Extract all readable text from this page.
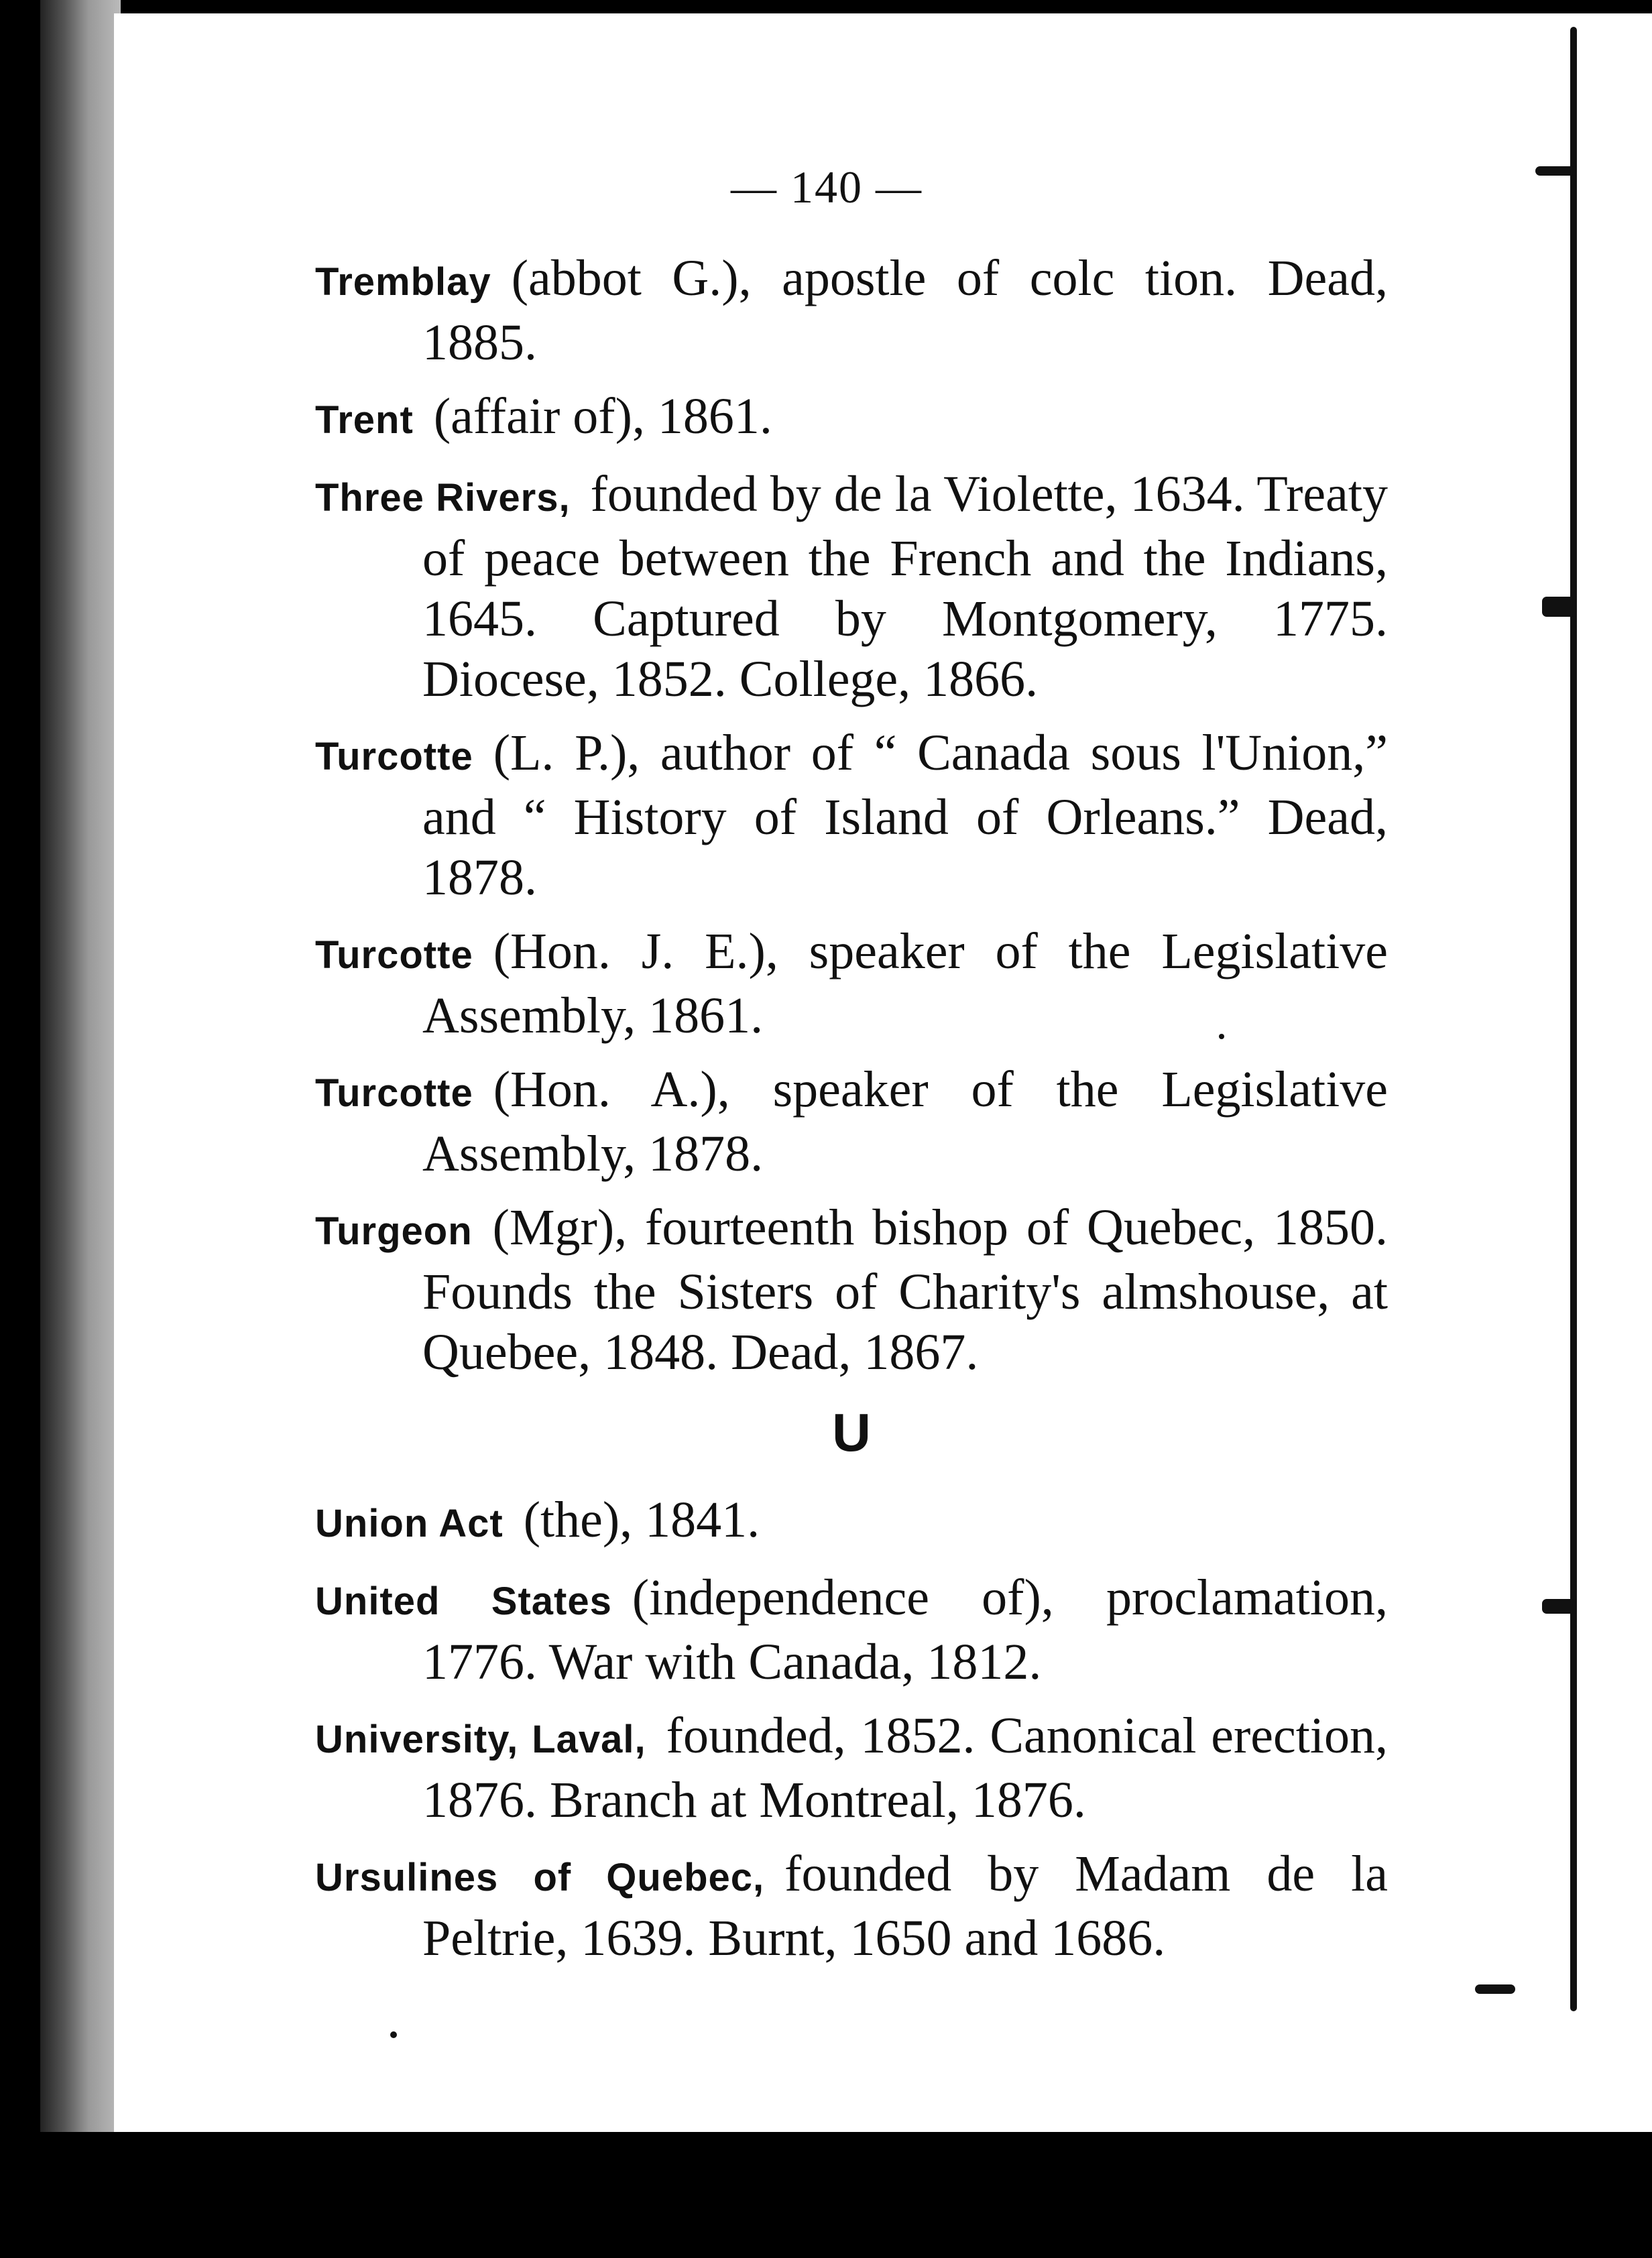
— 140 —
Tremblay (abbot G.), apostle of colc tion. Dead, 1885.
Trent (affair of), 1861.
Three Rivers, founded by de la Violette, 1634. Treaty of peace between the French and the Indians, 1645. Captured by Montgomery, 1775. Diocese, 1852. College, 1866.
Turcotte (L. P.), author of “ Canada sous l'Union,” and “ History of Island of Orleans.” Dead, 1878.
Turcotte (Hon. J. E.), speaker of the Legislative Assembly, 1861.
Turcotte (Hon. A.), speaker of the Legislative Assembly, 1878.
Turgeon (Mgr), fourteenth bishop of Quebec, 1850. Founds the Sisters of Charity's almshouse, at Quebee, 1848. Dead, 1867.
U
Union Act (the), 1841.
United States (independence of), proclamation, 1776. War with Canada, 1812.
University, Laval, founded, 1852. Canonical erection, 1876. Branch at Montreal, 1876.
Ursulines of Quebec, founded by Madam de la Peltrie, 1639. Burnt, 1650 and 1686.
